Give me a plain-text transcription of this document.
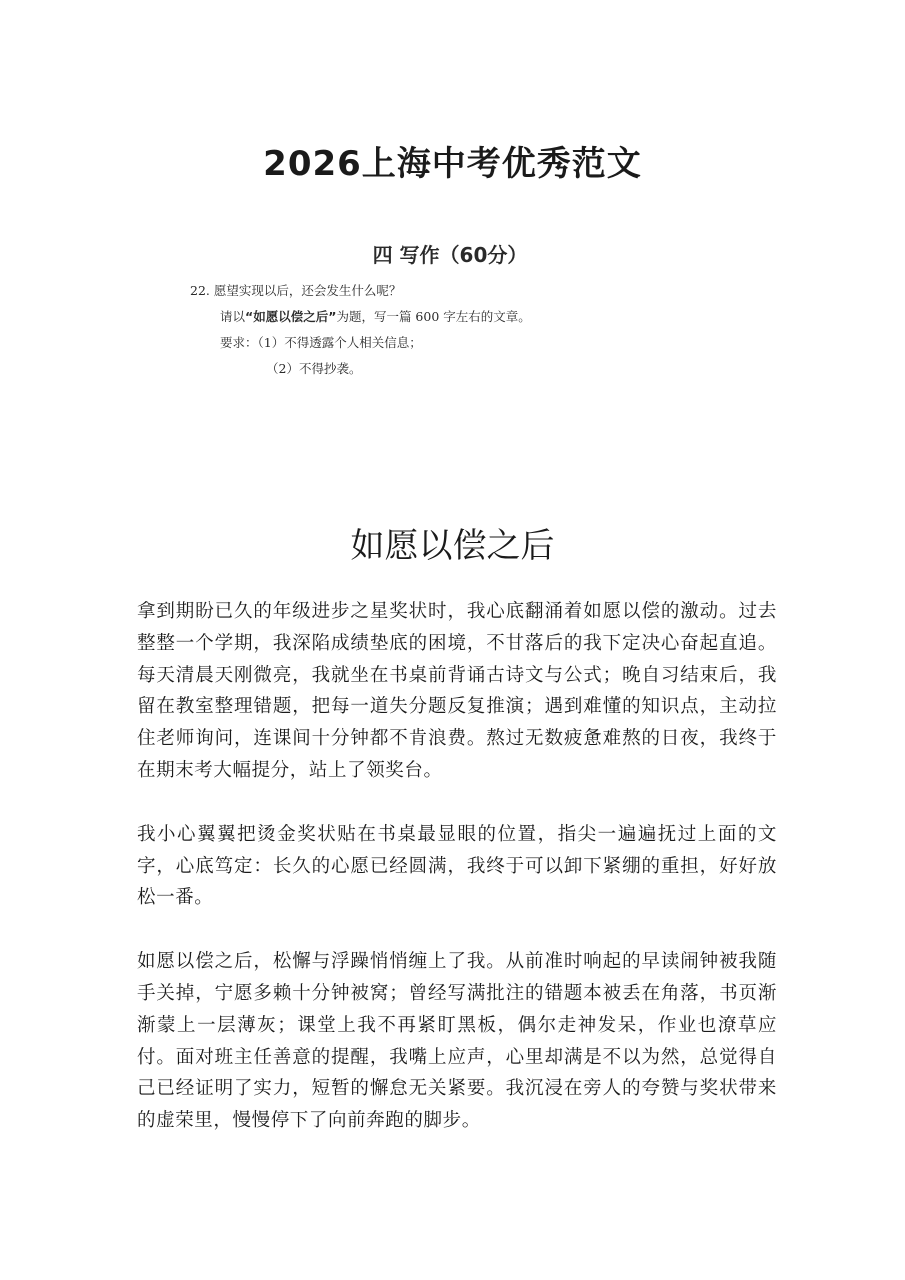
2026上海中考优秀范文
四 写作（60分）
22. 愿望实现以后，还会发生什么呢？
请以“如愿以偿之后”为题，写一篇 600 字左右的文章。
要求：（1）不得透露个人相关信息；
（2）不得抄袭。
如愿以偿之后

拿到期盼已久的年级进步之星奖状时，我心底翻涌着如愿以偿的激动。过去整整一个学期，我深陷成绩垫底的困境，不甘落后的我下定决心奋起直追。每天清晨天刚微亮，我就坐在书桌前背诵古诗文与公式；晚自习结束后，我留在教室整理错题，把每一道失分题反复推演；遇到难懂的知识点，主动拉住老师询问，连课间十分钟都不肯浪费。熬过无数疲惫难熬的日夜，我终于在期末考大幅提分，站上了领奖台。

我小心翼翼把烫金奖状贴在书桌最显眼的位置，指尖一遍遍抚过上面的文字，心底笃定：长久的心愿已经圆满，我终于可以卸下紧绷的重担，好好放松一番。

如愿以偿之后，松懈与浮躁悄悄缠上了我。从前准时响起的早读闹钟被我随手关掉，宁愿多赖十分钟被窝；曾经写满批注的错题本被丢在角落，书页渐渐蒙上一层薄灰；课堂上我不再紧盯黑板，偶尔走神发呆，作业也潦草应付。面对班主任善意的提醒，我嘴上应声，心里却满是不以为然，总觉得自己已经证明了实力，短暂的懈怠无关紧要。我沉浸在旁人的夸赞与奖状带来的虚荣里，慢慢停下了向前奔跑的脚步。
